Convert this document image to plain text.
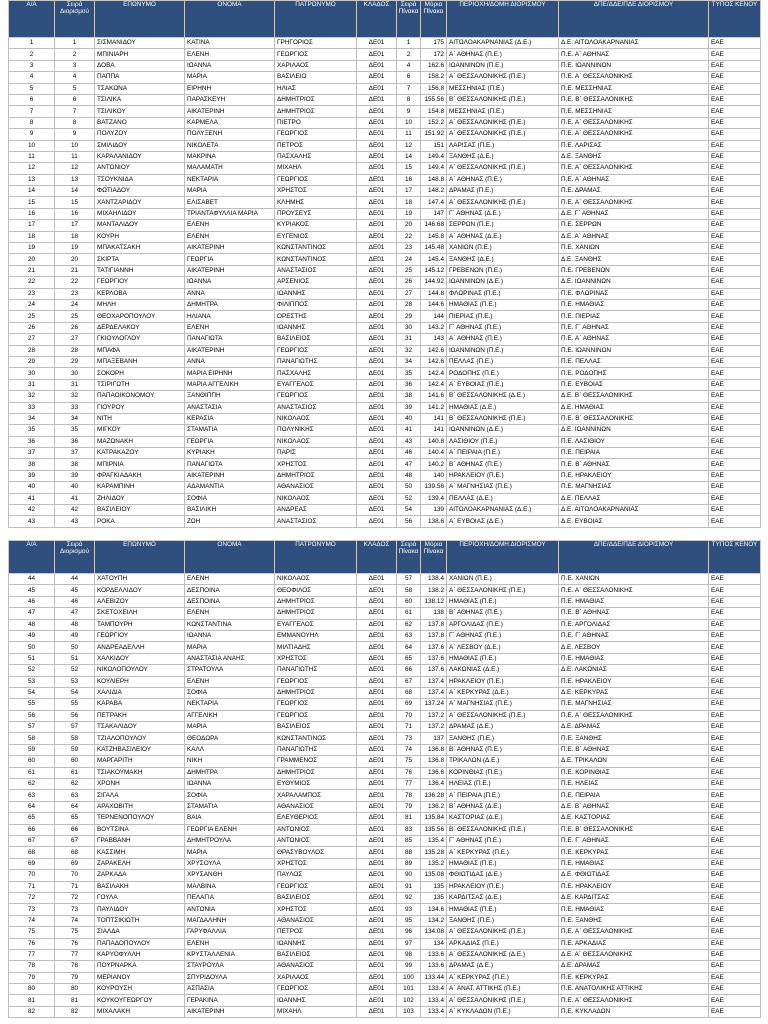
Α/Α	Σειρά Διορισμού	ΕΠΩΝΥΜΟ	ΟΝΟΜΑ	ΠΑΤΡΩΝΥΜΟ	ΚΛΑΔΟΣ	Σειρά Πίνακα	Μόρια Πίνακα	ΠΕΡΙΟΧΗ/ΔΟΜΗ ΔΙΟΡΙΣΜΟΥ	ΔΠΕ/ΔΔΕ/ΠΔΕ ΔΙΟΡΙΣΜΟΥ	ΤΥΠΟΣ ΚΕΝΟΥ
1	1	ΣΙΣΜΑΝΙΔΟΥ	ΚΑΤΙΝΑ	ΓΡΗΓΟΡΙΟΣ	ΔΕ01	1	175	ΑΙΤΩΛΟΑΚΑΡΝΑΝΙΑΣ (Δ.Ε.)	Δ.Ε. ΑΙΤΩΛΟΑΚΑΡΝΑΝΙΑΣ	ΕΑΕ
2	2	ΜΠΙΝΙΑΡΗ	ΕΛΕΝΗ	ΓΕΩΡΓΙΟΣ	ΔΕ01	2	172	Α΄ ΑΘΗΝΑΣ (Π.Ε.)	Π.Ε. Α΄ ΑΘΗΝΑΣ	ΕΑΕ
3	3	ΔΟΒΑ	ΙΩΑΝΝΑ	ΧΑΡΙΛΑΟΣ	ΔΕ01	4	162.6	ΙΩΑΝΝΙΝΩΝ (Π.Ε.)	Π.Ε. ΙΩΑΝΝΙΝΩΝ	ΕΑΕ
4	4	ΠΑΠΠΑ	ΜΑΡΙΑ	ΒΑΣΙΛΕΙΟ	ΔΕ01	6	158.2	Α΄ ΘΕΣΣΑΛΟΝΙΚΗΣ (Π.Ε.)	Π.Ε. Α΄ ΘΕΣΣΑΛΟΝΙΚΗΣ	ΕΑΕ
5	5	ΤΣΑΚΩΝΑ	ΕΙΡΗΝΗ	ΗΛΙΑΣ	ΔΕ01	7	156.8	ΜΕΣΣΗΝΙΑΣ (Π.Ε.)	Π.Ε. ΜΕΣΣΗΝΙΑΣ	ΕΑΕ
6	6	ΤΣΙΛΙΚΑ	ΠΑΡΑΣΚΕΥΗ	ΔΗΜΗΤΡΙΟΣ	ΔΕ01	8	155.56	Β΄ ΘΕΣΣΑΛΟΝΙΚΗΣ (Π.Ε.)	Π.Ε. Β΄ ΘΕΣΣΑΛΟΝΙΚΗΣ	ΕΑΕ
7	7	ΤΣΙΛΙΚΟΥ	ΑΙΚΑΤΕΡΙΝΗ	ΔΗΜΗΤΡΙΟΣ	ΔΕ01	9	154.8	ΜΕΣΣΗΝΙΑΣ (Π.Ε.)	Π.Ε. ΜΕΣΣΗΝΙΑΣ	ΕΑΕ
8	8	ΒΑΤΖΑΝΟ	ΚΑΡΜΕΛΑ	ΠΙΕΤΡΟ	ΔΕ01	10	152.2	Α΄ ΘΕΣΣΑΛΟΝΙΚΗΣ (Π.Ε.)	Π.Ε. Α΄ ΘΕΣΣΑΛΟΝΙΚΗΣ	ΕΑΕ
9	9	ΠΟΛΥΖΟΥ	ΠΟΛΥΞΕΝΗ	ΓΕΩΡΓΙΟΣ	ΔΕ01	11	151.92	Α΄ ΘΕΣΣΑΛΟΝΙΚΗΣ (Π.Ε.)	Π.Ε. Α΄ ΘΕΣΣΑΛΟΝΙΚΗΣ	ΕΑΕ
10	10	ΣΜΙΛΙΔΟΥ	ΝΙΚΟΛΕΤΑ	ΠΕΤΡΟΣ	ΔΕ01	12	151	ΛΑΡΙΣΑΣ (Π.Ε.)	Π.Ε. ΛΑΡΙΣΑΣ	ΕΑΕ
11	11	ΚΑΡΑΛΑΝΙΔΟΥ	ΜΑΚΡΙΝΑ	ΠΑΣΧΑΛΗΣ	ΔΕ01	14	149.4	ΞΑΝΘΗΣ (Δ.Ε.)	Δ.Ε. ΞΑΝΘΗΣ	ΕΑΕ
12	12	ΑΝΤΩΝΙΟΥ	ΜΑΛΑΜΑΤΗ	ΜΙΧΑΗΛ	ΔΕ01	15	149.4	Α΄ ΘΕΣΣΑΛΟΝΙΚΗΣ (Π.Ε.)	Π.Ε. Α΄ ΘΕΣΣΑΛΟΝΙΚΗΣ	ΕΑΕ
13	13	ΤΣΟΥΚΝΙΔΑ	ΝΕΚΤΑΡΙΑ	ΓΕΩΡΓΙΟΣ	ΔΕ01	16	148.8	Α΄ ΑΘΗΝΑΣ (Π.Ε.)	Π.Ε. Α΄ ΑΘΗΝΑΣ	ΕΑΕ
14	14	ΦΩΤΙΑΔΟΥ	ΜΑΡΙΑ	ΧΡΗΣΤΟΣ	ΔΕ01	17	148.2	ΔΡΑΜΑΣ (Π.Ε.)	Π.Ε. ΔΡΑΜΑΣ	ΕΑΕ
15	15	ΧΑΝΤΖΑΡΙΔΟΥ	ΕΛΙΣΑΒΕΤ	ΚΛΗΜΗΣ	ΔΕ01	18	147.4	Α΄ ΘΕΣΣΑΛΟΝΙΚΗΣ (Π.Ε.)	Π.Ε. Α΄ ΘΕΣΣΑΛΟΝΙΚΗΣ	ΕΑΕ
16	16	ΜΙΧΑΗΛΙΔΟΥ	ΤΡΙΑΝΤΑΦΥΛΛΙΑ ΜΑΡΙΑ	ΠΡΟΥΣΕΥΣ	ΔΕ01	19	147	Γ΄ ΑΘΗΝΑΣ (Δ.Ε.)	Δ.Ε. Γ΄ ΑΘΗΝΑΣ	ΕΑΕ
17	17	ΜΑΝΤΑΛΙΔΟΥ	ΕΛΕΝΗ	ΚΥΡΙΑΚΟΣ	ΔΕ01	20	146.68	ΣΕΡΡΩΝ (Π.Ε.)	Π.Ε. ΣΕΡΡΩΝ	ΕΑΕ
18	18	ΚΟΥΡΗ	ΕΛΕΝΗ	ΕΥΓΕΝΙΟΣ	ΔΕ01	22	145.8	Α΄ ΑΘΗΝΑΣ (Δ.Ε.)	Δ.Ε. Α΄ ΑΘΗΝΑΣ	ΕΑΕ
19	19	ΜΠΑΚΑΤΣΑΚΗ	ΑΙΚΑΤΕΡΙΝΗ	ΚΩΝΣΤΑΝΤΙΝΟΣ	ΔΕ01	23	145.48	ΧΑΝΙΩΝ (Π.Ε.)	Π.Ε. ΧΑΝΙΩΝ	ΕΑΕ
20	20	ΣΚΙΡΤΑ	ΓΕΩΡΓΙΑ	ΚΩΝΣΤΑΝΤΙΝΟΣ	ΔΕ01	24	145.4	ΞΑΝΘΗΣ (Δ.Ε.)	Δ.Ε. ΞΑΝΘΗΣ	ΕΑΕ
21	21	ΤΑΤΙΓΙΑΝΝΗ	ΑΙΚΑΤΕΡΙΝΗ	ΑΝΑΣΤΑΣΙΟΣ	ΔΕ01	25	145.12	ΓΡΕΒΕΝΩΝ (Π.Ε.)	Π.Ε. ΓΡΕΒΕΝΩΝ	ΕΑΕ
22	22	ΓΕΩΡΓΙΟΥ	ΙΩΑΝΝΑ	ΑΡΣΕΝΙΟΣ	ΔΕ01	26	144.92	ΙΩΑΝΝΙΝΩΝ (Δ.Ε.)	Δ.Ε. ΙΩΑΝΝΙΝΩΝ	ΕΑΕ
23	23	ΚΕΡΛΟΒΑ	ΑΝΝΑ	ΙΩΑΝΝΗΣ	ΔΕ01	27	144.8	ΦΛΩΡΙΝΑΣ (Π.Ε.)	Π.Ε. ΦΛΩΡΙΝΑΣ	ΕΑΕ
24	24	ΜΗΛΗ	ΔΗΜΗΤΡΑ	ΦΙΛΙΠΠΟΣ	ΔΕ01	28	144.6	ΗΜΑΘΙΑΣ (Π.Ε.)	Π.Ε. ΗΜΑΘΙΑΣ	ΕΑΕ
25	25	ΘΕΟΧΑΡΟΠΟΥΛΟΥ	ΗΛΙΑΝΑ	ΟΡΕΣΤΗΣ	ΔΕ01	29	144	ΠΙΕΡΙΑΣ (Π.Ε.)	Π.Ε. ΠΙΕΡΙΑΣ	ΕΑΕ
26	26	ΔΕΡΔΕΛΑΚΟΥ	ΕΛΕΝΗ	ΙΩΑΝΝΗΣ	ΔΕ01	30	143.2	Γ΄ ΑΘΗΝΑΣ (Π.Ε.)	Π.Ε. Γ΄ ΑΘΗΝΑΣ	ΕΑΕ
27	27	ΓΚΙΟΥΛΟΓΛΟΥ	ΠΑΝΑΓΙΩΤΑ	ΒΑΣΙΛΕΙΟΣ	ΔΕ01	31	143	Α΄ ΑΘΗΝΑΣ (Π.Ε.)	Π.Ε. Α΄ ΑΘΗΝΑΣ	ΕΑΕ
28	28	ΜΠΑΦΑ	ΑΙΚΑΤΕΡΙΝΗ	ΓΕΩΡΓΙΟΣ	ΔΕ01	32	142.6	ΙΩΑΝΝΙΝΩΝ (Π.Ε.)	Π.Ε. ΙΩΑΝΝΙΝΩΝ	ΕΑΕ
29	29	ΜΠΑΞΕΒΑΝΗ	ΑΝΝΑ	ΠΑΝΑΓΙΩΤΗΣ	ΔΕ01	34	142.6	ΠΕΛΛΑΣ (Π.Ε.)	Π.Ε. ΠΕΛΛΑΣ	ΕΑΕ
30	30	ΣΟΚΟΡΗ	ΜΑΡΙΑ ΕΙΡΗΝΗ	ΠΑΣΧΑΛΗΣ	ΔΕ01	35	142.4	ΡΟΔΟΠΗΣ (Π.Ε.)	Π.Ε. ΡΟΔΟΠΗΣ	ΕΑΕ
31	31	ΤΣΙΡΙΓΩΤΗ	ΜΑΡΙΑ ΑΓΓΕΛΙΚΗ	ΕΥΑΓΓΕΛΟΣ	ΔΕ01	36	142.4	Α΄ ΕΥΒΟΙΑΣ (Π.Ε.)	Π.Ε. ΕΥΒΟΙΑΣ	ΕΑΕ
32	32	ΠΑΠΑΟΙΚΟΝΟΜΟΥ	ΞΑΝΘΙΠΠΗ	ΓΕΩΡΓΙΟΣ	ΔΕ01	38	141.6	Β΄ ΘΕΣΣΑΛΟΝΙΚΗΣ (Δ.Ε.)	Δ.Ε. Β΄ ΘΕΣΣΑΛΟΝΙΚΗΣ	ΕΑΕ
33	33	ΓΙΟΥΡΟΥ	ΑΝΑΣΤΑΣΙΑ	ΑΝΑΣΤΑΣΙΟΣ	ΔΕ01	39	141.2	ΗΜΑΘΙΑΣ (Δ.Ε.)	Δ.Ε. ΗΜΑΘΙΑΣ	ΕΑΕ
34	34	ΝΙΤΗ	ΚΕΡΑΣΙΑ	ΝΙΚΟΛΑΟΣ	ΔΕ01	40	141	Β΄ ΘΕΣΣΑΛΟΝΙΚΗΣ (Π.Ε.)	Π.Ε. Β΄ ΘΕΣΣΑΛΟΝΙΚΗΣ	ΕΑΕ
35	35	ΜΙΓΚΟΥ	ΣΤΑΜΑΤΙΑ	ΠΟΛΥΝΙΚΗΣ	ΔΕ01	41	141	ΙΩΑΝΝΙΝΩΝ (Δ.Ε.)	Δ.Ε. ΙΩΑΝΝΙΝΩΝ	ΕΑΕ
36	36	ΜΑΖΩΝΑΚΗ	ΓΕΩΡΓΙΑ	ΝΙΚΟΛΑΟΣ	ΔΕ01	43	140.8	ΛΑΣΙΘΙΟΥ (Π.Ε.)	Π.Ε. ΛΑΣΙΘΙΟΥ	ΕΑΕ
37	37	ΚΑΤΡΑΚΑΖΟΥ	ΚΥΡΙΑΚΗ	ΠΑΡΙΣ	ΔΕ01	46	140.4	Α΄ ΠΕΙΡΑΙΑ (Π.Ε.)	Π.Ε. ΠΕΙΡΑΙΑ	ΕΑΕ
38	38	ΜΠΙΡΝΙΑ	ΠΑΝΑΓΙΩΤΑ	ΧΡΗΣΤΟΣ	ΔΕ01	47	140.2	Β΄ ΑΘΗΝΑΣ (Π.Ε.)	Π.Ε. Β΄ ΑΘΗΝΑΣ	ΕΑΕ
39	39	ΦΡΑΓΚΙΑΔΑΚΗ	ΑΙΚΑΤΕΡΙΝΗ	ΔΗΜΗΤΡΙΟΣ	ΔΕ01	48	140	ΗΡΑΚΛΕΙΟΥ (Π.Ε.)	Π.Ε. ΗΡΑΚΛΕΙΟΥ	ΕΑΕ
40	40	ΚΑΡΑΜΠΙΝΗ	ΑΔΑΜΑΝΤΙΑ	ΑΘΑΝΑΣΙΟΣ	ΔΕ01	50	139.56	Α΄ ΜΑΓΝΗΣΙΑΣ (Π.Ε.)	Π.Ε. ΜΑΓΝΗΣΙΑΣ	ΕΑΕ
41	41	ΖΗΛΙΔΟΥ	ΣΟΦΙΑ	ΝΙΚΟΛΑΟΣ	ΔΕ01	52	139.4	ΠΕΛΛΑΣ (Δ.Ε.)	Δ.Ε. ΠΕΛΛΑΣ	ΕΑΕ
42	42	ΒΑΣΙΛΕΙΟΥ	ΒΑΣΙΛΙΚΗ	ΑΝΔΡΕΑΣ	ΔΕ01	54	139	ΑΙΤΩΛΟΑΚΑΡΝΑΝΙΑΣ (Δ.Ε.)	Δ.Ε. ΑΙΤΩΛΟΑΚΑΡΝΑΝΙΑΣ	ΕΑΕ
43	43	ΡΟΚΑ	ΖΩΗ	ΑΝΑΣΤΑΣΙΟΣ	ΔΕ01	56	138.6	Α΄ ΕΥΒΟΙΑΣ (Δ.Ε.)	Δ.Ε. ΕΥΒΟΙΑΣ	ΕΑΕ
Α/Α	Σειρά Διορισμού	ΕΠΩΝΥΜΟ	ΟΝΟΜΑ	ΠΑΤΡΩΝΥΜΟ	ΚΛΑΔΟΣ	Σειρά Πίνακα	Μόρια Πίνακα	ΠΕΡΙΟΧΗ/ΔΟΜΗ ΔΙΟΡΙΣΜΟΥ	ΔΠΕ/ΔΔΕ/ΠΔΕ ΔΙΟΡΙΣΜΟΥ	ΤΥΠΟΣ ΚΕΝΟΥ
44	44	ΧΑΤΟΥΠΗ	ΕΛΕΝΗ	ΝΙΚΟΛΑΟΣ	ΔΕ01	57	138.4	ΧΑΝΙΩΝ (Π.Ε.)	Π.Ε. ΧΑΝΙΩΝ	ΕΑΕ
45	45	ΚΟΡΔΕΛΛΙΔΟΥ	ΔΕΣΠΟΙΝΑ	ΘΕΟΦΙΛΟΣ	ΔΕ01	58	138.2	Α΄ ΘΕΣΣΑΛΟΝΙΚΗΣ (Π.Ε.)	Π.Ε. Α΄ ΘΕΣΣΑΛΟΝΙΚΗΣ	ΕΑΕ
46	46	ΑΛΕΒΙΖΟΥ	ΔΕΣΠΟΙΝΑ	ΔΗΜΗΤΡΙΟΣ	ΔΕ01	60	138.12	ΗΜΑΘΙΑΣ (Π.Ε.)	Π.Ε. ΗΜΑΘΙΑΣ	ΕΑΕ
47	47	ΣΚΕΤΟΧΕΙΛΗ	ΕΛΕΝΗ	ΔΗΜΗΤΡΙΟΣ	ΔΕ01	61	138	Β΄ ΑΘΗΝΑΣ (Π.Ε.)	Π.Ε. Β΄ ΑΘΗΝΑΣ	ΕΑΕ
48	48	ΤΑΜΠΟΥΡΗ	ΚΩΝΣΤΑΝΤΙΝΑ	ΕΥΑΓΓΕΛΟΣ	ΔΕ01	62	137.8	ΑΡΓΟΛΙΔΑΣ (Π.Ε.)	Π.Ε. ΑΡΓΟΛΙΔΑΣ	ΕΑΕ
49	49	ΓΕΩΡΓΙΟΥ	ΙΩΑΝΝΑ	ΕΜΜΑΝΟΥΗΛ	ΔΕ01	63	137.8	Γ΄ ΑΘΗΝΑΣ (Π.Ε.)	Π.Ε. Γ΄ ΑΘΗΝΑΣ	ΕΑΕ
50	50	ΑΝΔΡΕΑΔΕΛΛΗ	ΜΑΡΙΑ	ΜΙΛΤΙΑΔΗΣ	ΔΕ01	64	137.6	Α΄ ΛΕΣΒΟΥ (Δ.Ε.)	Δ.Ε. ΛΕΣΒΟΥ	ΕΑΕ
51	51	ΧΑΛΚΙΔΟΥ	ΑΝΑΣΤΑΣΙΑ ΑΝΑΗΣ	ΧΡΗΣΤΟΣ	ΔΕ01	65	137.6	ΗΜΑΘΙΑΣ (Π.Ε.)	Π.Ε. ΗΜΑΘΙΑΣ	ΕΑΕ
52	52	ΝΙΚΟΛΟΠΟΥΛΟΥ	ΣΤΡΑΤΟΥΛΑ	ΠΑΝΑΓΙΩΤΗΣ	ΔΕ01	66	137.6	ΛΑΚΩΝΙΑΣ (Δ.Ε.)	Δ.Ε. ΛΑΚΩΝΙΑΣ	ΕΑΕ
53	53	ΚΟΥΛΙΕΡΗ	ΕΛΕΝΗ	ΓΕΩΡΓΙΟΣ	ΔΕ01	67	137.4	ΗΡΑΚΛΕΙΟΥ (Π.Ε.)	Π.Ε. ΗΡΑΚΛΕΙΟΥ	ΕΑΕ
54	54	ΧΑΛΙΔΙΑ	ΣΟΦΙΑ	ΔΗΜΗΤΡΙΟΣ	ΔΕ01	68	137.4	Α΄ ΚΕΡΚΥΡΑΣ (Δ.Ε.)	Δ.Ε. ΚΕΡΚΥΡΑΣ	ΕΑΕ
55	55	ΚΑΡΑΒΑ	ΝΕΚΤΑΡΙΑ	ΓΕΩΡΓΙΟΣ	ΔΕ01	69	137.24	Α΄ ΜΑΓΝΗΣΙΑΣ (Π.Ε.)	Π.Ε. ΜΑΓΝΗΣΙΑΣ	ΕΑΕ
56	56	ΠΕΤΡΑΚΗ	ΑΓΓΕΛΙΚΗ	ΓΕΩΡΓΙΟΣ	ΔΕ01	70	137.2	Α΄ ΘΕΣΣΑΛΟΝΙΚΗΣ (Π.Ε.)	Π.Ε. Α΄ ΘΕΣΣΑΛΟΝΙΚΗΣ	ΕΑΕ
57	57	ΤΣΑΚΑΛΙΔΟΥ	ΜΑΡΙΑ	ΒΑΣΙΛΕΙΟΣ	ΔΕ01	71	137.2	ΔΡΑΜΑΣ (Δ.Ε.)	Δ.Ε. ΔΡΑΜΑΣ	ΕΑΕ
58	58	ΤΖΙΑΛΟΠΟΥΛΟΥ	ΘΕΟΔΩΡΑ	ΚΩΝΣΤΑΝΤΙΝΟΣ	ΔΕ01	73	137	ΞΑΝΘΗΣ (Π.Ε.)	Π.Ε. ΞΑΝΘΗΣ	ΕΑΕ
59	59	ΚΑΤΖΗΒΑΣΙΛΕΙΟΥ	ΚΑΛΛ	ΠΑΝΑΓΙΩΤΗΣ	ΔΕ01	74	136.8	Β΄ ΑΘΗΝΑΣ (Π.Ε.)	Π.Ε. Β΄ ΑΘΗΝΑΣ	ΕΑΕ
60	60	ΜΑΡΓΑΡΙΤΗ	ΝΙΚΗ	ΓΡΑΜΜΕΝΟΣ	ΔΕ01	75	136.8	ΤΡΙΚΑΛΩΝ (Δ.Ε.)	Δ.Ε. ΤΡΙΚΑΛΩΝ	ΕΑΕ
61	61	ΤΣΙΑΚΟΥΜΑΚΗ	ΔΗΜΗΤΡΑ	ΔΗΜΗΤΡΙΟΣ	ΔΕ01	76	136.6	ΚΟΡΙΝΘΙΑΣ (Π.Ε.)	Π.Ε. ΚΟΡΙΝΘΙΑΣ	ΕΑΕ
62	62	ΧΡΟΝΗ	ΙΩΑΝΝΑ	ΕΥΘΥΜΙΟΣ	ΔΕ01	77	136.4	ΗΛΕΙΑΣ (Π.Ε.)	Π.Ε. ΗΛΕΙΑΣ	ΕΑΕ
63	63	ΣΙΓΑΛΑ	ΣΟΦΙΑ	ΧΑΡΑΛΑΜΠΟΣ	ΔΕ01	78	136.28	Α΄ ΠΕΙΡΑΙΑ (Π.Ε.)	Π.Ε. ΠΕΙΡΑΙΑ	ΕΑΕ
64	64	ΑΡΑΧΩΒΙΤΗ	ΣΤΑΜΑΤΙΑ	ΑΘΑΝΑΣΙΟΣ	ΔΕ01	79	136.2	Β΄ ΑΘΗΝΑΣ (Δ.Ε.)	Δ.Ε. Β΄ ΑΘΗΝΑΣ	ΕΑΕ
65	65	ΤΕΡΝΕΝΟΠΟΥΛΟΥ	ΒΑΙΑ	ΕΛΕΥΘΕΡΙΟΣ	ΔΕ01	81	135.84	ΚΑΣΤΟΡΙΑΣ (Δ.Ε.)	Δ.Ε. ΚΑΣΤΟΡΙΑΣ	ΕΑΕ
66	66	ΒΟΥΤΣΙΝΑ	ΓΕΩΡΓΙΑ ΕΛΕΝΗ	ΑΝΤΩΝΙΟΣ	ΔΕ01	83	135.56	Β΄ ΘΕΣΣΑΛΟΝΙΚΗΣ (Π.Ε.)	Π.Ε. Β΄ ΘΕΣΣΑΛΟΝΙΚΗΣ	ΕΑΕ
67	67	ΓΡΑΒΒΑΝΗ	ΔΗΜΗΤΡΟΥΛΑ	ΑΝΤΩΝΙΟΣ	ΔΕ01	85	135.4	Γ΄ ΑΘΗΝΑΣ (Π.Ε.)	Π.Ε. Γ΄ ΑΘΗΝΑΣ	ΕΑΕ
68	68	ΚΑΣΣΙΜΗ	ΜΑΡΙΑ	ΘΡΑΣΥΒΟΥΛΟΣ	ΔΕ01	88	135.28	Α΄ ΚΕΡΚΥΡΑΣ (Π.Ε.)	Π.Ε. ΚΕΡΚΥΡΑΣ	ΕΑΕ
69	69	ΖΑΡΑΚΕΛΗ	ΧΡΥΣΟΥΛΑ	ΧΡΗΣΤΟΣ	ΔΕ01	89	135.2	ΗΜΑΘΙΑΣ (Π.Ε.)	Π.Ε. ΗΜΑΘΙΑΣ	ΕΑΕ
70	70	ΖΑΡΚΑΔΑ	ΧΡΥΣΑΝΘΗ	ΠΑΥΛΟΣ	ΔΕ01	90	135.08	ΦΘΙΩΤΙΔΑΣ (Δ.Ε.)	Δ.Ε. ΦΘΙΩΤΙΔΑΣ	ΕΑΕ
71	71	ΒΑΣΙΛΑΚΗ	ΜΑΛΒΙΝΑ	ΓΕΩΡΓΙΟΣ	ΔΕ01	91	135	ΗΡΑΚΛΕΙΟΥ (Π.Ε.)	Π.Ε. ΗΡΑΚΛΕΙΟΥ	ΕΑΕ
72	72	ΓΟΥΛΑ	ΠΕΛΑΓΙΑ	ΒΑΣΙΛΕΙΟΣ	ΔΕ01	92	135	ΚΑΡΔΙΤΣΑΣ (Δ.Ε.)	Δ.Ε. ΚΑΡΔΙΤΣΑΣ	ΕΑΕ
73	73	ΠΑΥΛΙΔΟΥ	ΑΝΤΩΝΙΑ	ΧΡΗΣΤΟΣ	ΔΕ01	93	134.6	ΗΜΑΘΙΑΣ (Π.Ε.)	Π.Ε. ΗΜΑΘΙΑΣ	ΕΑΕ
74	74	ΤΟΠΤΣΙΚΙΩΤΗ	ΜΑΓΔΑΛΗΝΗ	ΑΘΑΝΑΣΙΟΣ	ΔΕ01	95	134.2	ΞΑΝΘΗΣ (Π.Ε.)	Π.Ε. ΞΑΝΘΗΣ	ΕΑΕ
75	75	ΣΙΑΛΔΑ	ΓΑΡΥΦΑΛΛΙΑ	ΠΕΤΡΟΣ	ΔΕ01	96	134.08	Α΄ ΘΕΣΣΑΛΟΝΙΚΗΣ (Π.Ε.)	Π.Ε. Α΄ ΘΕΣΣΑΛΟΝΙΚΗΣ	ΕΑΕ
76	76	ΠΑΠΑΔΟΠΟΥΛΟΥ	ΕΛΕΝΗ	ΙΩΑΝΝΗΣ	ΔΕ01	97	134	ΑΡΚΑΔΙΑΣ (Π.Ε.)	Π.Ε. ΑΡΚΑΔΙΑΣ	ΕΑΕ
77	77	ΚΑΡΥΟΦΥΛΛΗ	ΚΡΥΣΤΑΛΛΕΝΙΑ	ΒΑΣΙΛΕΙΟΣ	ΔΕ01	98	133.6	Α΄ ΘΕΣΣΑΛΟΝΙΚΗΣ (Δ.Ε.)	Δ.Ε. Α΄ ΘΕΣΣΑΛΟΝΙΚΗΣ	ΕΑΕ
78	78	ΠΟΥΡΝΑΡΚΑ	ΣΤΑΥΡΟΥΛΑ	ΑΘΑΝΑΣΙΟΣ	ΔΕ01	99	133.6	ΔΡΑΜΑΣ (Δ.Ε.)	Δ.Ε. ΔΡΑΜΑΣ	ΕΑΕ
79	79	ΜΕΡΙΑΝΟΥ	ΣΠΥΡΙΔΟΥΛΑ	ΧΑΡΙΛΑΟΣ	ΔΕ01	100	133.44	Α΄ ΚΕΡΚΥΡΑΣ (Π.Ε.)	Π.Ε. ΚΕΡΚΥΡΑΣ	ΕΑΕ
80	80	ΚΟΥΡΟΥΣΗ	ΑΣΠΑΣΙΑ	ΓΕΩΡΓΙΟΣ	ΔΕ01	101	133.4	Α΄ ΑΝΑΤ. ΑΤΤΙΚΗΣ (Π.Ε.)	Π.Ε. ΑΝΑΤΟΛΙΚΗΣ ΑΤΤΙΚΗΣ	ΕΑΕ
81	81	ΚΟΥΚΟΥΓΕΩΡΓΟΥ	ΓΕΡΑΚΙΝΑ	ΙΩΑΝΝΗΣ	ΔΕ01	102	133.4	Α΄ ΘΕΣΣΑΛΟΝΙΚΗΣ (Π.Ε.)	Π.Ε. Α΄ ΘΕΣΣΑΛΟΝΙΚΗΣ	ΕΑΕ
82	82	ΜΙΧΑΛΑΚΗ	ΑΙΚΑΤΕΡΙΝΗ	ΜΙΧΑΗΛ	ΔΕ01	103	133.4	Α΄ ΚΥΚΛΑΔΩΝ (Π.Ε.)	Π.Ε. ΚΥΚΛΑΔΩΝ	ΕΑΕ
